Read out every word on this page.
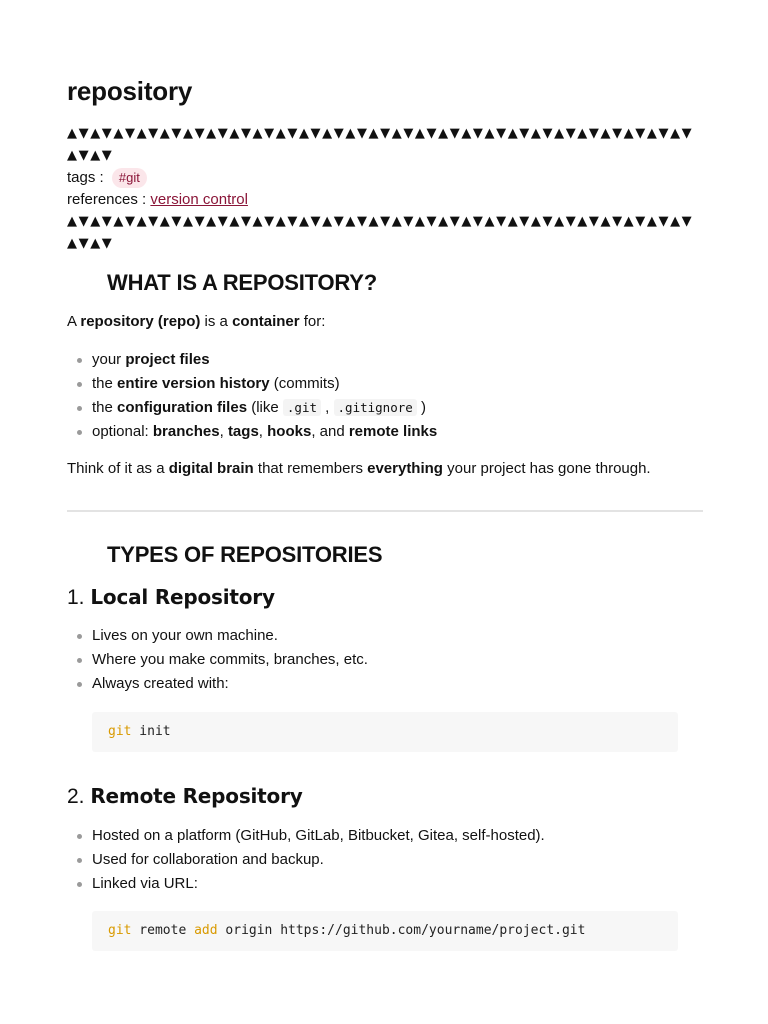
repository
▲▼▲▼▲▼▲▼▲▼▲▼▲▼▲▼▲▼▲▼▲▼▲▼▲▼▲▼▲▼▲▼▲▼▲▼▲▼▲▼▲▼▲▼▲▼▲▼▲▼▲▼▲▼▲▼▲▼
tags : #git
references : version control
▲▼▲▼▲▼▲▼▲▼▲▼▲▼▲▼▲▼▲▼▲▼▲▼▲▼▲▼▲▼▲▼▲▼▲▼▲▼▲▼▲▼▲▼▲▼▲▼▲▼▲▼▲▼▲▼▲▼
WHAT IS A REPOSITORY?

A repository (repo) is a container for:

your project files
the entire version history (commits)
the configuration files (like .git , .gitignore )
optional: branches, tags, hooks, and remote links

Think of it as a digital brain that remembers everything your project has gone through.

TYPES OF REPOSITORIES
1. Local Repository
Lives on your own machine.
Where you make commits, branches, etc.
Always created with:
git init
2. Remote Repository
Hosted on a platform (GitHub, GitLab, Bitbucket, Gitea, self-hosted).
Used for collaboration and backup.
Linked via URL:
git remote add origin https://github.com/yourname/project.git
